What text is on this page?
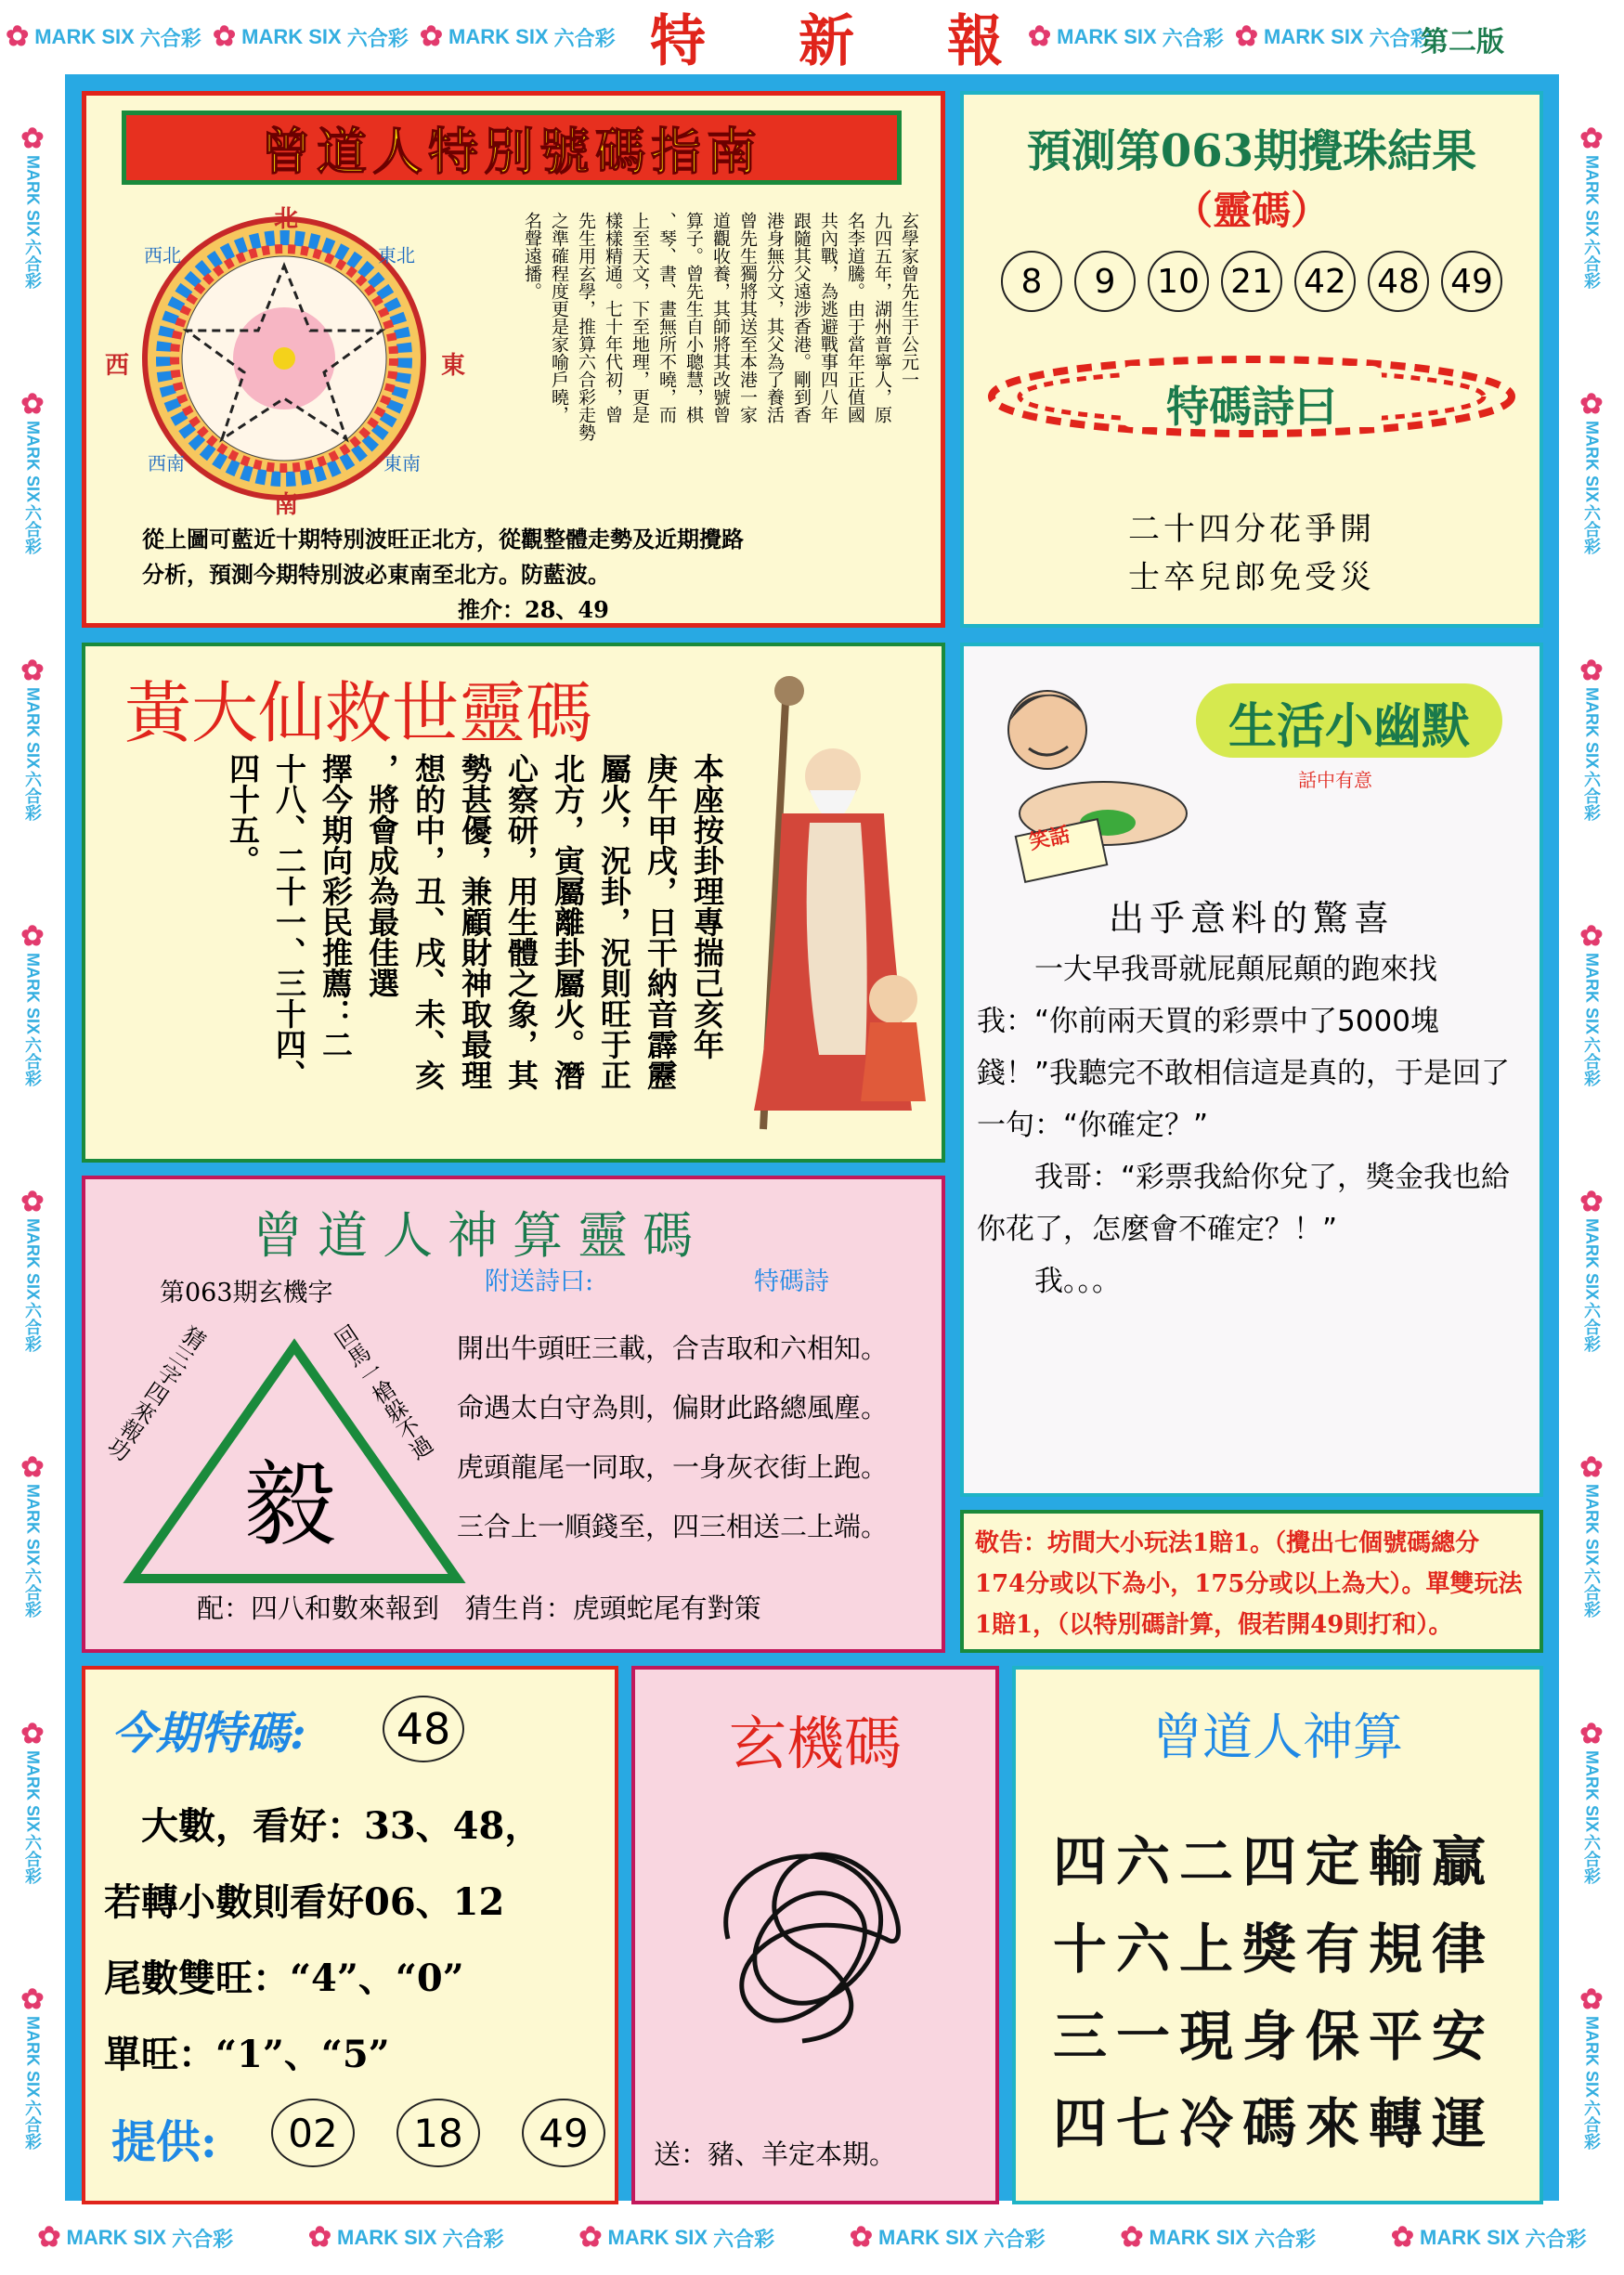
✿ MARK SIX 六合彩 ✿ MARK SIX 六合彩 ✿ MARK SIX 六合彩	✿ MARK SIX 六合彩 ✿ MARK SIX 六合彩
特 新 報	第二版
✿ MARK SIX 六合彩	✿ MARK SIX 六合彩	✿ MARK SIX 六合彩	✿ MARK SIX 六合彩	✿ MARK SIX 六合彩	✿ MARK SIX 六合彩
✿
MARK SIX
六合彩
✿
MARK SIX
六合彩
✿
MARK SIX
六合彩
✿
MARK SIX
六合彩
✿
MARK SIX
六合彩
✿
MARK SIX
六合彩
✿
MARK SIX
六合彩
✿
MARK SIX
六合彩
✿
MARK SIX
六合彩
✿
MARK SIX
六合彩
✿
MARK SIX
六合彩
✿
MARK SIX
六合彩
✿
MARK SIX
六合彩
✿
MARK SIX
六合彩
✿
MARK SIX
六合彩
✿
MARK SIX
六合彩
曾道人特別號碼指南
北
南
西	東
西北	東北
西南	東南
玄學家曾先生于公元一
九四五年，湖州普寧人，原
名李道騰。由于當年正值國
共內戰，為逃避戰事四八年
跟隨其父遠涉香港。剛到香
港身無分文，其父為了養活
曾先生獨將其送至本港一家
道觀收養，其師將其改號曾
算子。曾先生自小聰慧，棋
、琴、書、畫無所不曉，而
上至天文，下至地理，更是
樣樣精通。七十年代初，曾
先生用玄學，推算六合彩走勢
之準確程度更是家喻戶曉，
名聲遠播。
從上圖可藍近十期特別波旺正北方，從觀整體走勢及近期攪路
分析，預測今期特別波必東南至北方。防藍波。
推介：28、49
預測第063期攪珠結果
（靈碼）
8	9	10 21 42 48 49
特碼詩曰
二十四分花爭開
士卒兒郎免受災
黃大仙救世靈碼
本座按卦理專揣己亥年
庚午甲戌，日干納音霹靂
屬火，況卦，況則旺于正
北方，寅屬離卦屬火。潛
心察研，用生體之象，其
勢甚優，兼顧財神取最理
想的中，丑、戌、未、亥
，將會成為最佳選
擇今期向彩民推薦：二
十八、二十一、三十四、
四十五。	笑話
生活小幽默
話中有意
出乎意料的驚喜

一大早我哥就屁顛屁顛的跑來找我：“你前兩天買的彩票中了5000塊錢！”我聽完不敢相信這是真的，于是回了一句：“你確定？”

我哥：“彩票我給你兌了，獎金我也給你花了，怎麼會不確定？！”

我。。。

曾道人神算靈碼
第063期玄機字	附送詩曰:	特碼詩
毅
猜三字四來報功	回馬一槍躲不過 開出牛頭旺三載，合吉取和六相知。
命遇太白守為則，偏財此路總風塵。
虎頭龍尾一同取，一身灰衣街上跑。
三合上一順錢至，四三相送二上端。
配：四八和數來報到   猜生肖：虎頭蛇尾有對策
敬告：坊間大小玩法1賠1。（攪出七個號碼總分174分或以下為小，175分或以上為大）。單雙玩法1賠1，（以特別碼計算，假若開49則打和）。
今期特碼:	48
大數，看好：33、48，
若轉小數則看好06、12
尾數雙旺：“4”、“0”
單旺：“1”、“5”
提供:	02	18	49
玄機碼
送：豬、羊定本期。
曾道人神算
四六二四定輸贏
十六上獎有規律
三一現身保平安
四七冷碼來轉運
